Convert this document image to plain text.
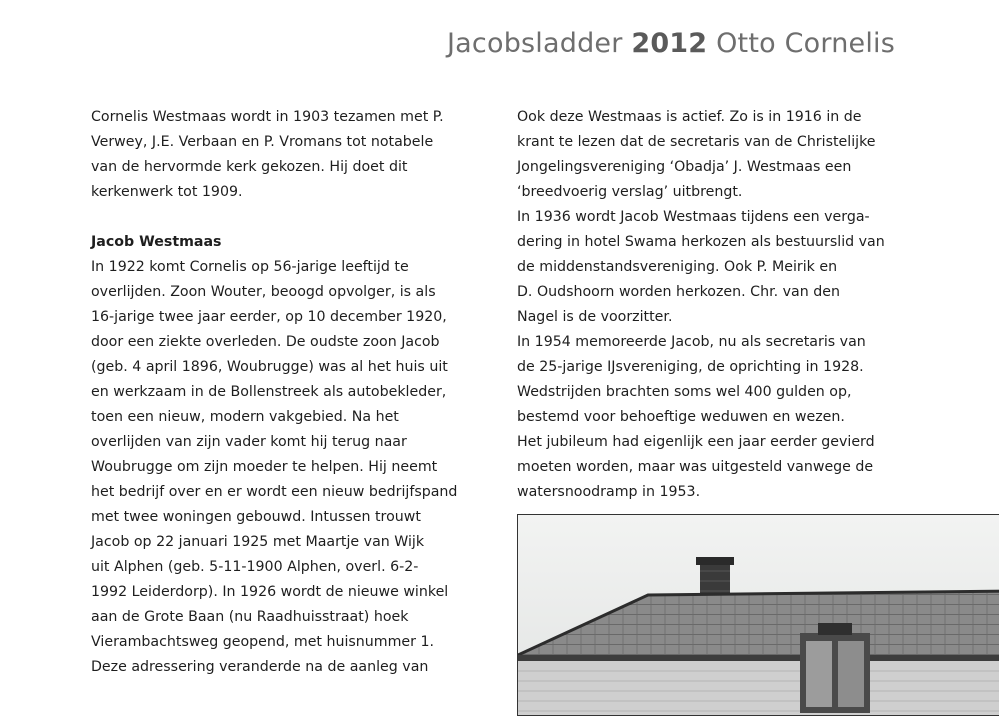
Jacobsladder 2012 Otto Cornelis
Cornelis Westmaas wordt in 1903 tezamen met P.
Verwey, J.E. Verbaan en P. Vromans tot notabele
van de hervormde kerk gekozen. Hij doet dit
kerkenwerk tot 1909.
Jacob Westmaas
In 1922 komt Cornelis op 56-jarige leeftijd te
overlijden. Zoon Wouter, beoogd opvolger, is als
16-jarige twee jaar eerder, op 10 december 1920,
door een ziekte overleden. De oudste zoon Jacob
(geb. 4 april 1896, Woubrugge) was al het huis uit
en werkzaam in de Bollenstreek als autobekleder,
toen een nieuw, modern vakgebied. Na het
overlijden van zijn vader komt hij terug naar
Woubrugge om zijn moeder te helpen. Hij neemt
het bedrijf over en er wordt een nieuw bedrijfspand
met twee woningen gebouwd. Intussen trouwt
Jacob op 22 januari 1925 met Maartje van Wijk
uit Alphen (geb. 5-11-1900 Alphen, overl. 6-2-
1992 Leiderdorp). In 1926 wordt de nieuwe winkel
aan de Grote Baan (nu Raadhuisstraat) hoek
Vierambachtsweg geopend, met huisnummer 1.
Deze adressering veranderde na de aanleg van
Ook deze Westmaas is actief. Zo is in 1916 in de
krant te lezen dat de secretaris van de Christelijke
Jongelingsvereniging ‘Obadja’ J. Westmaas een
‘breedvoerig verslag’ uitbrengt.
In 1936 wordt Jacob Westmaas tijdens een verga-
dering in hotel Swama herkozen als bestuurslid van
de middenstandsvereniging. Ook P. Meirik en
D. Oudshoorn worden herkozen. Chr. van den
Nagel is de voorzitter.
In 1954 memoreerde Jacob, nu als secretaris van
de 25-jarige IJsvereniging, de oprichting in 1928.
Wedstrijden brachten soms wel 400 gulden op,
bestemd voor behoeftige weduwen en wezen.
Het jubileum had eigenlijk een jaar eerder gevierd
moeten worden, maar was uitgesteld vanwege de
watersnoodramp in 1953.
